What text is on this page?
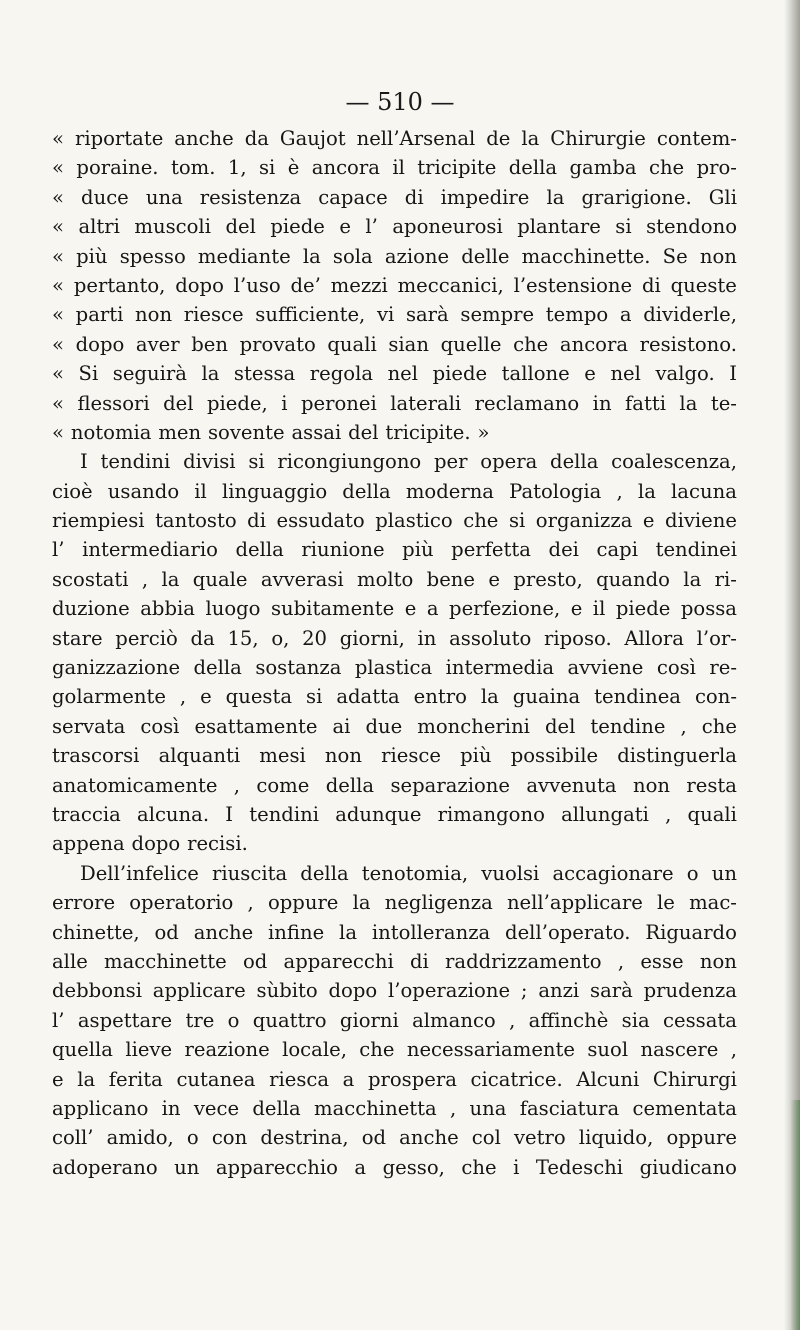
— 510 —
« riportate anche da Gaujot nell’Arsenal de la Chirurgie contem-
« poraine. tom. 1, si è ancora il tricipite della gamba che pro-
« duce una resistenza capace di impedire la grarigione. Gli
« altri muscoli del piede e l’ aponeurosi plantare si stendono
« più spesso mediante la sola azione delle macchinette. Se non
« pertanto, dopo l’uso de’ mezzi meccanici, l’estensione di queste
« parti non riesce sufficiente, vi sarà sempre tempo a dividerle,
« dopo aver ben provato quali sian quelle che ancora resistono.
« Si seguirà la stessa regola nel piede tallone e nel valgo. I
« flessori del piede, i peronei laterali reclamano in fatti la te-
« notomia men sovente assai del tricipite. »
I tendini divisi si ricongiungono per opera della coalescenza,
cioè usando il linguaggio della moderna Patologia , la lacuna
riempiesi tantosto di essudato plastico che si organizza e diviene
l’ intermediario della riunione più perfetta dei capi tendinei
scostati , la quale avverasi molto bene e presto, quando la ri-
duzione abbia luogo subitamente e a perfezione, e il piede possa
stare perciò da 15, o, 20 giorni, in assoluto riposo. Allora l’or-
ganizzazione della sostanza plastica intermedia avviene così re-
golarmente , e questa si adatta entro la guaina tendinea con-
servata così esattamente ai due moncherini del tendine , che
trascorsi alquanti mesi non riesce più possibile distinguerla
anatomicamente , come della separazione avvenuta non resta
traccia alcuna. I tendini adunque rimangono allungati , quali
appena dopo recisi.
Dell’infelice riuscita della tenotomia, vuolsi accagionare o un
errore operatorio , oppure la negligenza nell’applicare le mac-
chinette, od anche infine la intolleranza dell’operato. Riguardo
alle macchinette od apparecchi di raddrizzamento , esse non
debbonsi applicare sùbito dopo l’operazione ; anzi sarà prudenza
l’ aspettare tre o quattro giorni almanco , affinchè sia cessata
quella lieve reazione locale, che necessariamente suol nascere ,
e la ferita cutanea riesca a prospera cicatrice. Alcuni Chirurgi
applicano in vece della macchinetta , una fasciatura cementata
coll’ amido, o con destrina, od anche col vetro liquido, oppure
adoperano un apparecchio a gesso, che i Tedeschi giudicano
